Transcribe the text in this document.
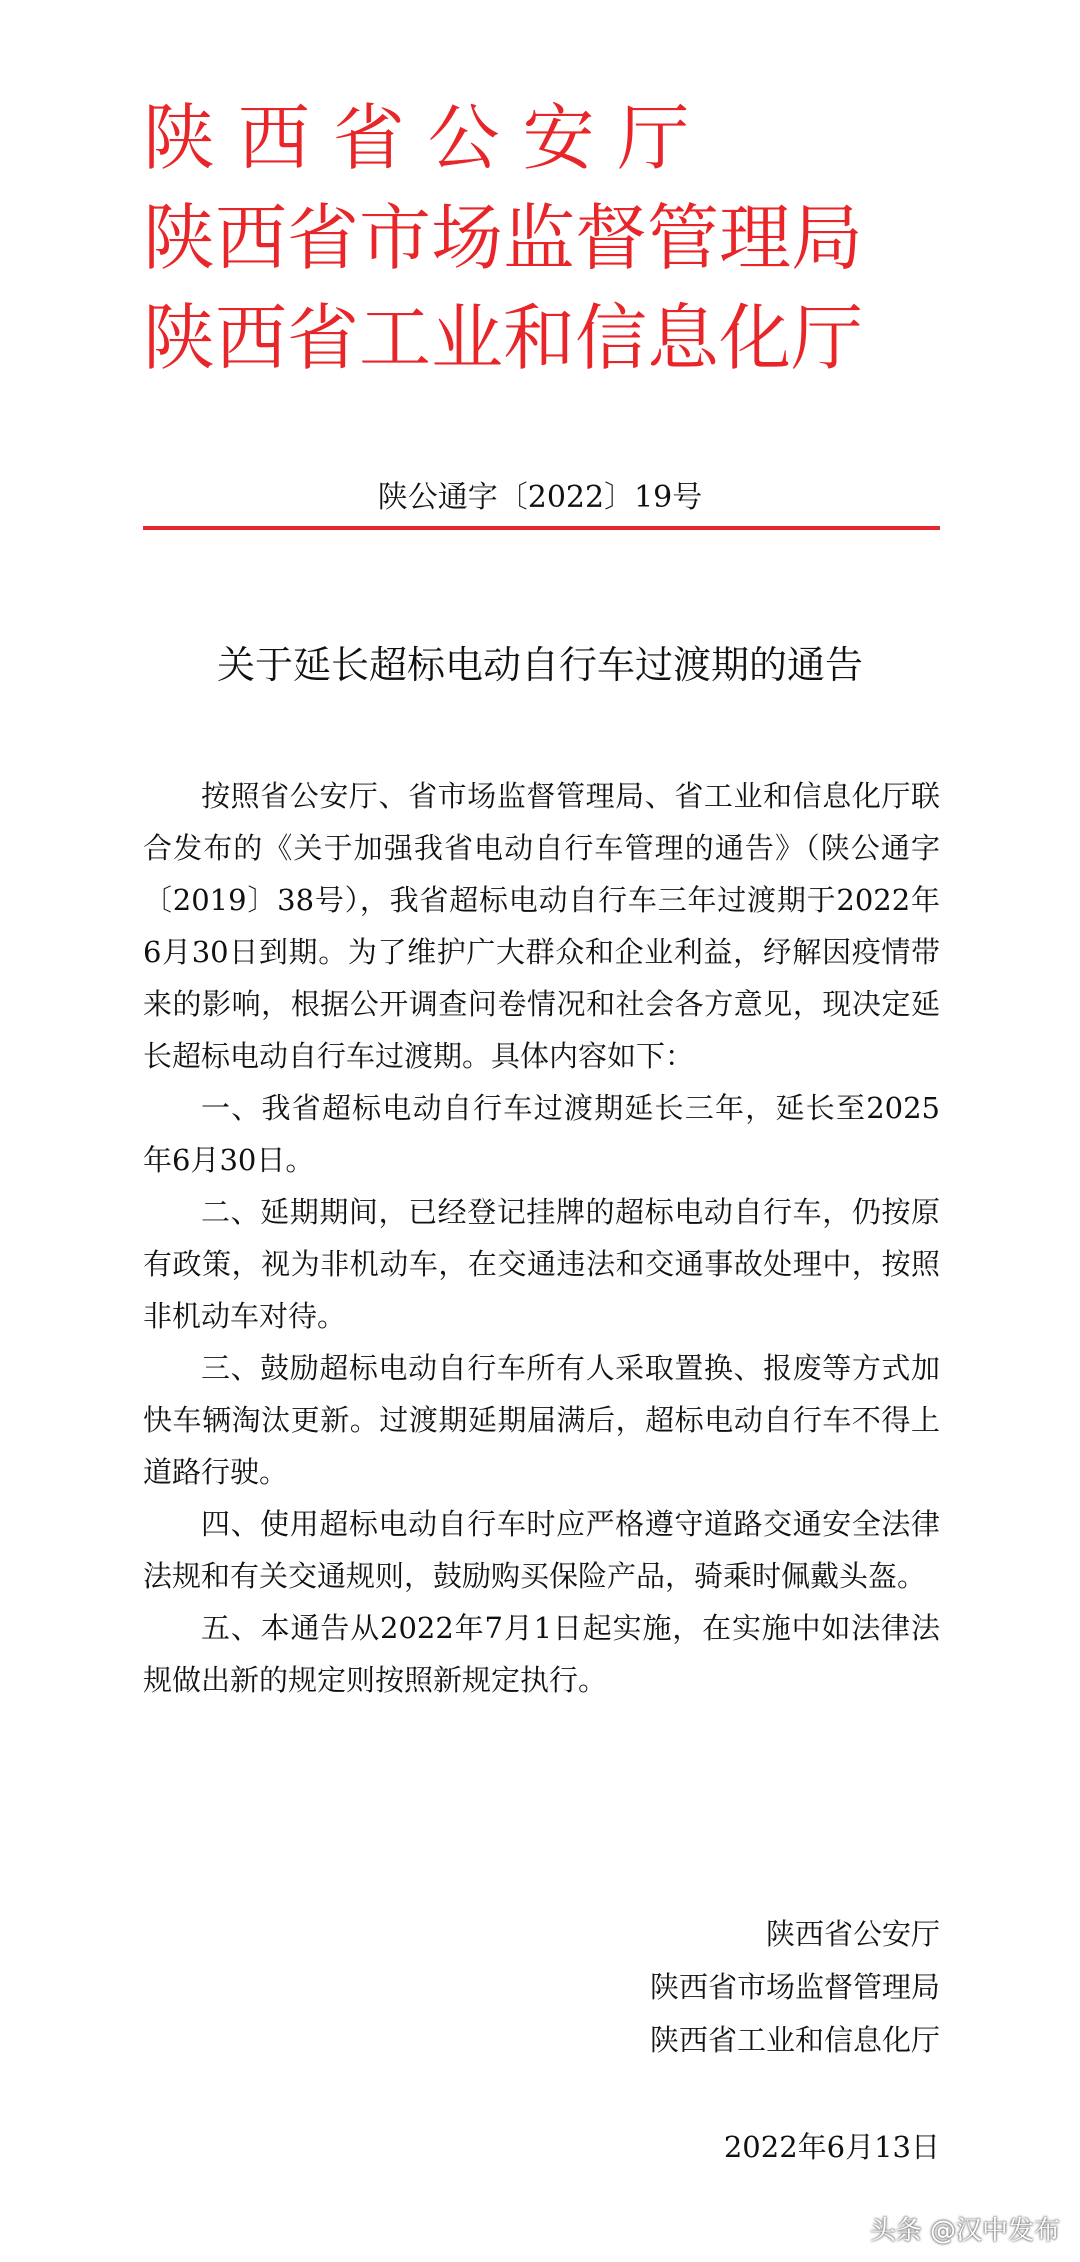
陕 西 省 公 安 厅
陕西省市场监督管理局
陕西省工业和信息化厅
陕公通字〔2022〕19号
关于延长超标电动自行车过渡期的通告

按照省公安厅、省市场监督管理局、省工业和信息化厅联合发布的《关于加强我省电动自行车管理的通告》（陕公通字〔2019〕38号），我省超标电动自行车三年过渡期于2022年6月30日到期。为了维护广大群众和企业利益，纾解因疫情带来的影响，根据公开调查问卷情况和社会各方意见，现决定延长超标电动自行车过渡期。具体内容如下：

一、我省超标电动自行车过渡期延长三年，延长至2025年6月30日。

二、延期期间，已经登记挂牌的超标电动自行车，仍按原有政策，视为非机动车，在交通违法和交通事故处理中，按照非机动车对待。

三、鼓励超标电动自行车所有人采取置换、报废等方式加快车辆淘汰更新。过渡期延期届满后，超标电动自行车不得上道路行驶。

四、使用超标电动自行车时应严格遵守道路交通安全法律法规和有关交通规则，鼓励购买保险产品，骑乘时佩戴头盔。

五、本通告从2022年7月1日起实施，在实施中如法律法规做出新的规定则按照新规定执行。

陕西省公安厅
陕西省市场监督管理局
陕西省工业和信息化厅
2022年6月13日
头条 @汉中发布
